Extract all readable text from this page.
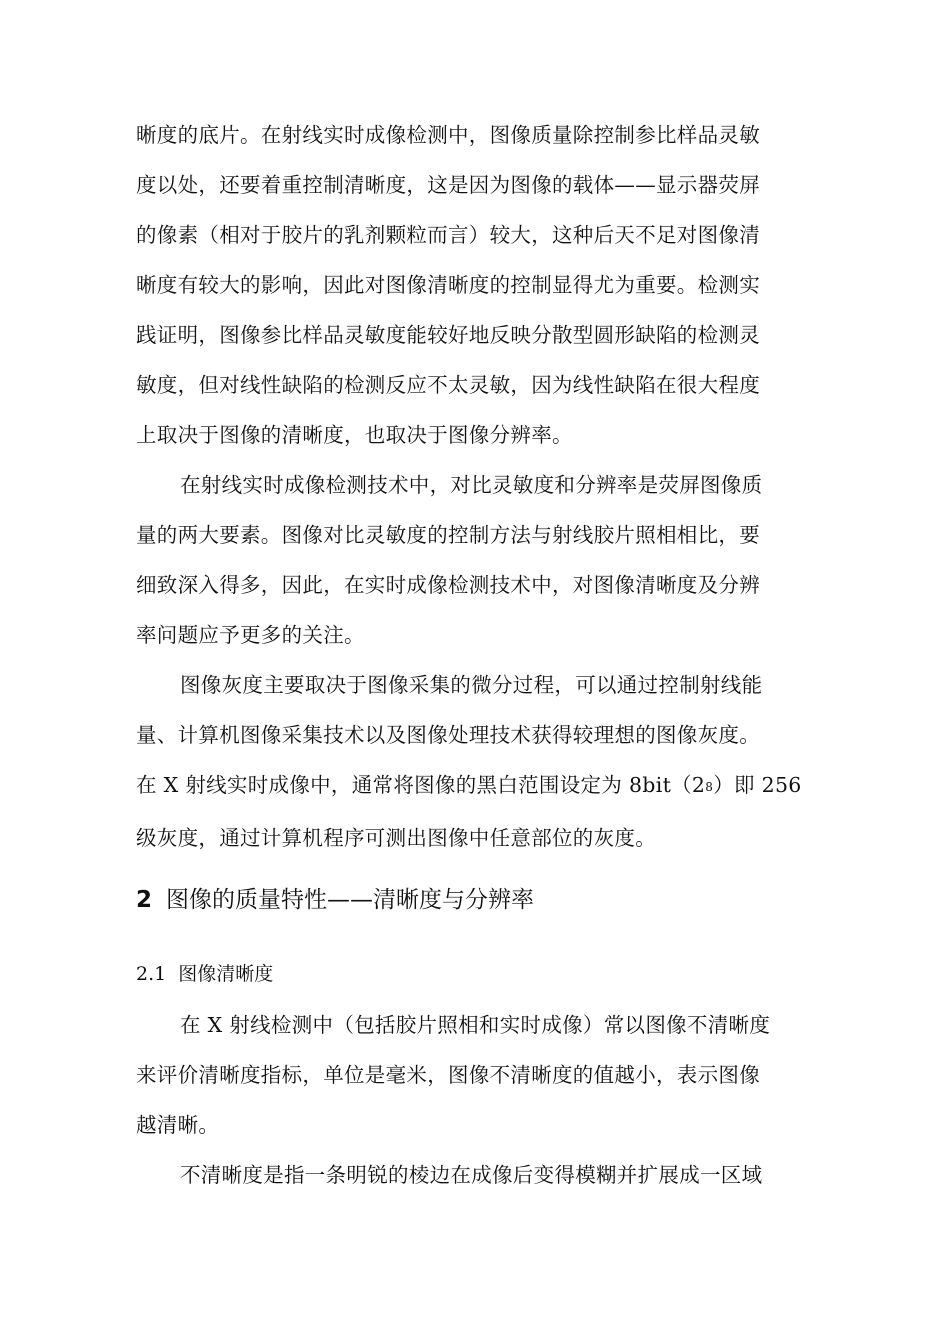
晰度的底片。在射线实时成像检测中，图像质量除控制参比样品灵敏
度以处，还要着重控制清晰度，这是因为图像的载体——显示器荧屏
的像素（相对于胶片的乳剂颗粒而言）较大，这种后天不足对图像清
晰度有较大的影响，因此对图像清晰度的控制显得尤为重要。检测实
践证明，图像参比样品灵敏度能较好地反映分散型圆形缺陷的检测灵
敏度，但对线性缺陷的检测反应不太灵敏，因为线性缺陷在很大程度
上取决于图像的清晰度，也取决于图像分辨率。
在射线实时成像检测技术中，对比灵敏度和分辨率是荧屏图像质
量的两大要素。图像对比灵敏度的控制方法与射线胶片照相相比，要
细致深入得多，因此，在实时成像检测技术中，对图像清晰度及分辨
率问题应予更多的关注。
图像灰度主要取决于图像采集的微分过程，可以通过控制射线能
量、计算机图像采集技术以及图像处理技术获得较理想的图像灰度。
在 X 射线实时成像中，通常将图像的黑白范围设定为 $8bit(2^8)$即 256
级灰度，通过计算机程序可测出图像中任意部位的灰度。
2 图像的质量特性——清晰度与分辨率
2.1 图像清晰度
在 X 射线检测中（包括胶片照相和实时成像）常以图像不清晰度
来评价清晰度指标，单位是毫米，图像不清晰度的值越小，表示图像
越清晰。
不清晰度是指一条明锐的棱边在成像后变得模糊并扩展成一区域
